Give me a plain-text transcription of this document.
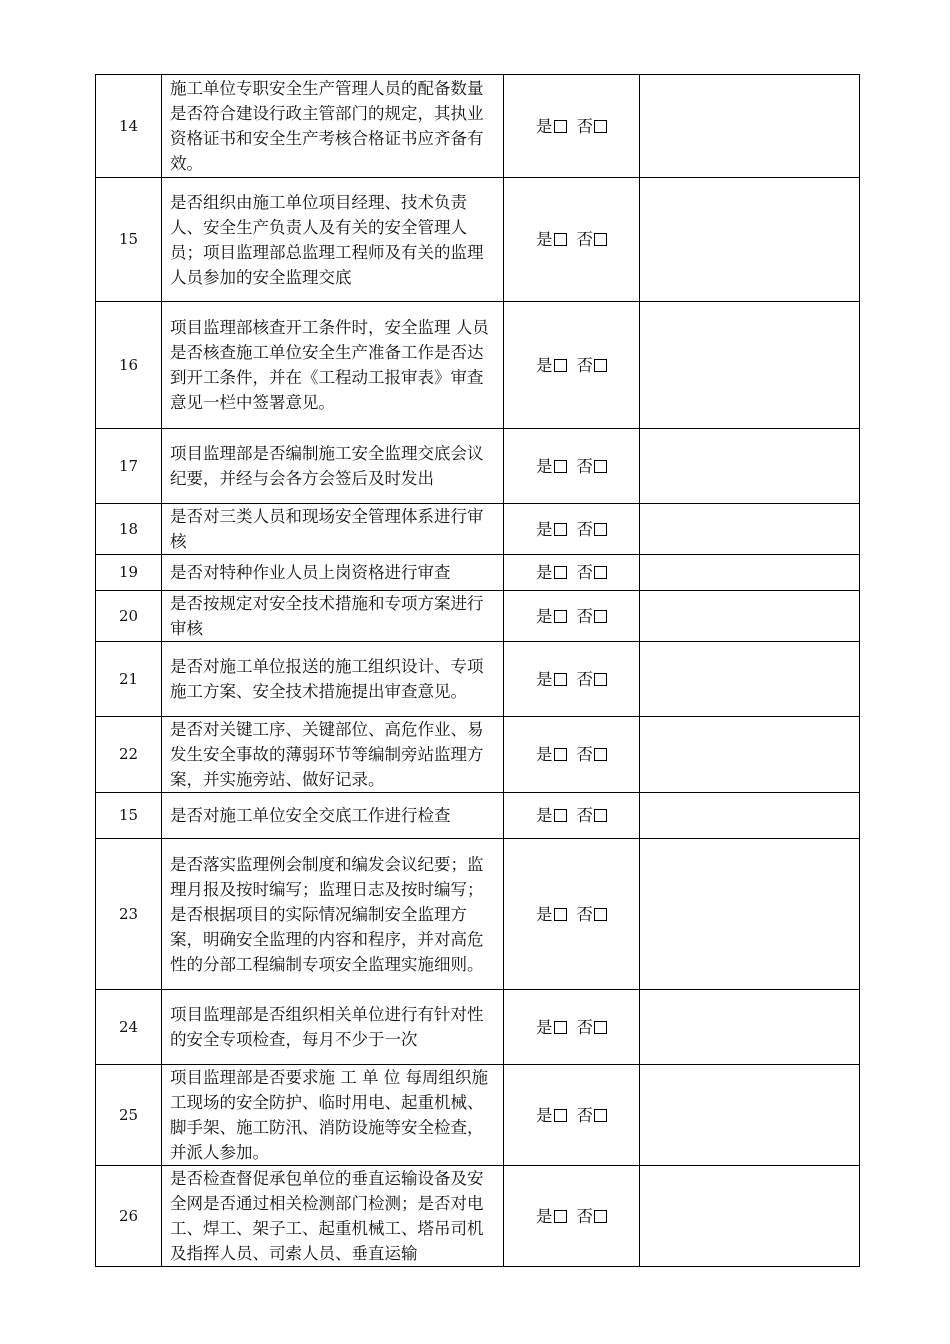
14	施工单位专职安全生产管理人员的配备数量是否符合建设行政主管部门的规定，其执业资格证书和安全生产考核合格证书应齐备有效。	是 否	
15	是否组织由施工单位项目经理、技术负责人、安全生产负责人及有关的安全管理人员；项目监理部总监理工程师及有关的监理人员参加的安全监理交底	是 否	
16	项目监理部核查开工条件时，安全监理 人员是否核查施工单位安全生产准备工作是否达到开工条件，并在《工程动工报审表》审查意见一栏中签署意见。	是 否	
17	项目监理部是否编制施工安全监理交底会议纪要，并经与会各方会签后及时发出	是 否	
18	是否对三类人员和现场安全管理体系进行审核	是 否	
19	是否对特种作业人员上岗资格进行审查	是 否	
20	是否按规定对安全技术措施和专项方案进行审核	是 否	
21	是否对施工单位报送的施工组织设计、专项施工方案、安全技术措施提出审查意见。	是 否	
22	是否对关键工序、关键部位、高危作业、易发生安全事故的薄弱环节等编制旁站监理方案，并实施旁站、做好记录。	是 否	
15	是否对施工单位安全交底工作进行检查	是 否	
23	是否落实监理例会制度和编发会议纪要；监理月报及按时编写；监理日志及按时编写；是否根据项目的实际情况编制安全监理方案，明确安全监理的内容和程序，并对高危性的分部工程编制专项安全监理实施细则。	是 否	
24	项目监理部是否组织相关单位进行有针对性的安全专项检查，每月不少于一次	是 否	
25	项目监理部是否要求施 工 单 位 每周组织施工现场的安全防护、临时用电、起重机械、脚手架、施工防汛、消防设施等安全检查，并派人参加。	是 否	
26	是否检查督促承包单位的垂直运输设备及安全网是否通过相关检测部门检测；是否对电工、焊工、架子工、起重机械工、塔吊司机及指挥人员、司索人员、垂直运输	是 否	
